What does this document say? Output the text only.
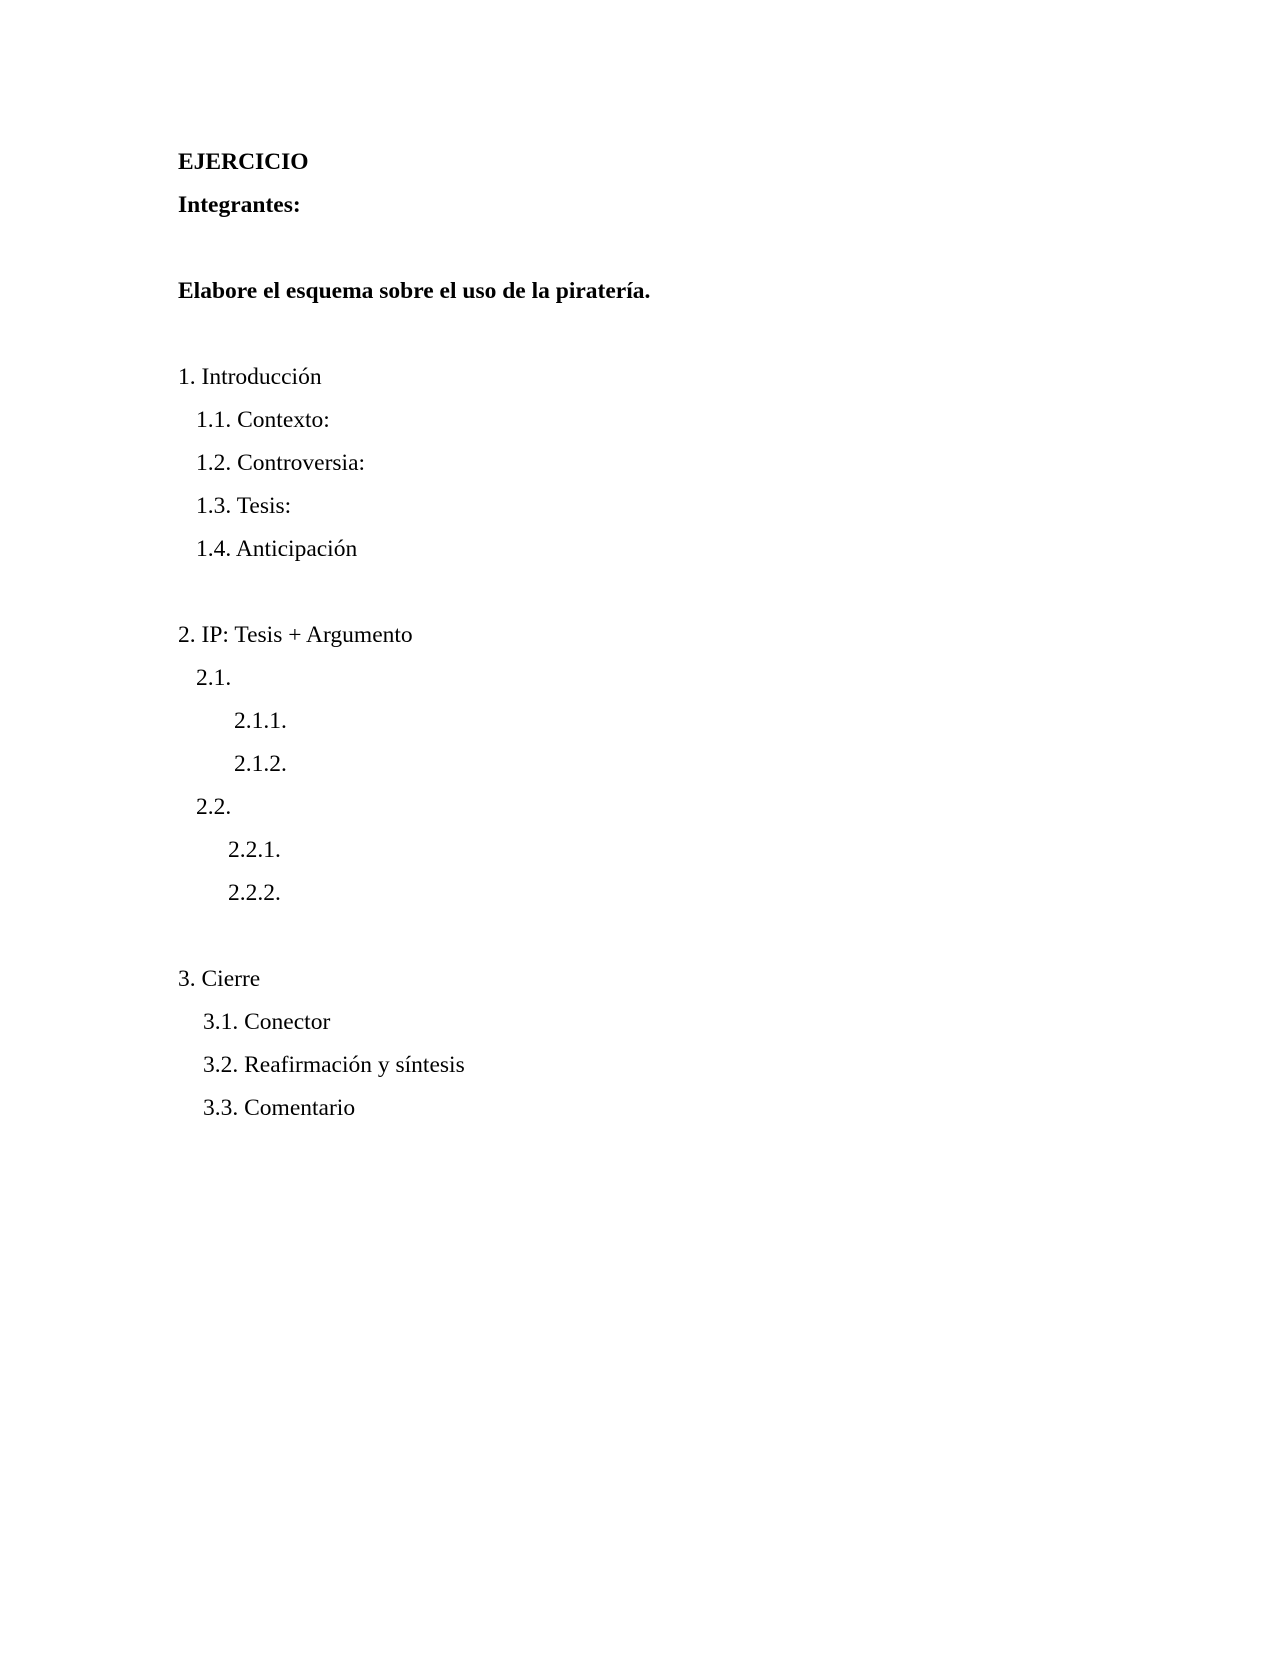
EJERCICIO
Integrantes:
Elabore el esquema sobre el uso de la piratería.
1. Introducción
1.1. Contexto:
1.2. Controversia:
1.3. Tesis:
1.4. Anticipación
2. IP: Tesis + Argumento
2.1.
2.1.1.
2.1.2.
2.2.
2.2.1.
2.2.2.
3. Cierre
3.1. Conector
3.2. Reafirmación y síntesis
3.3. Comentario
